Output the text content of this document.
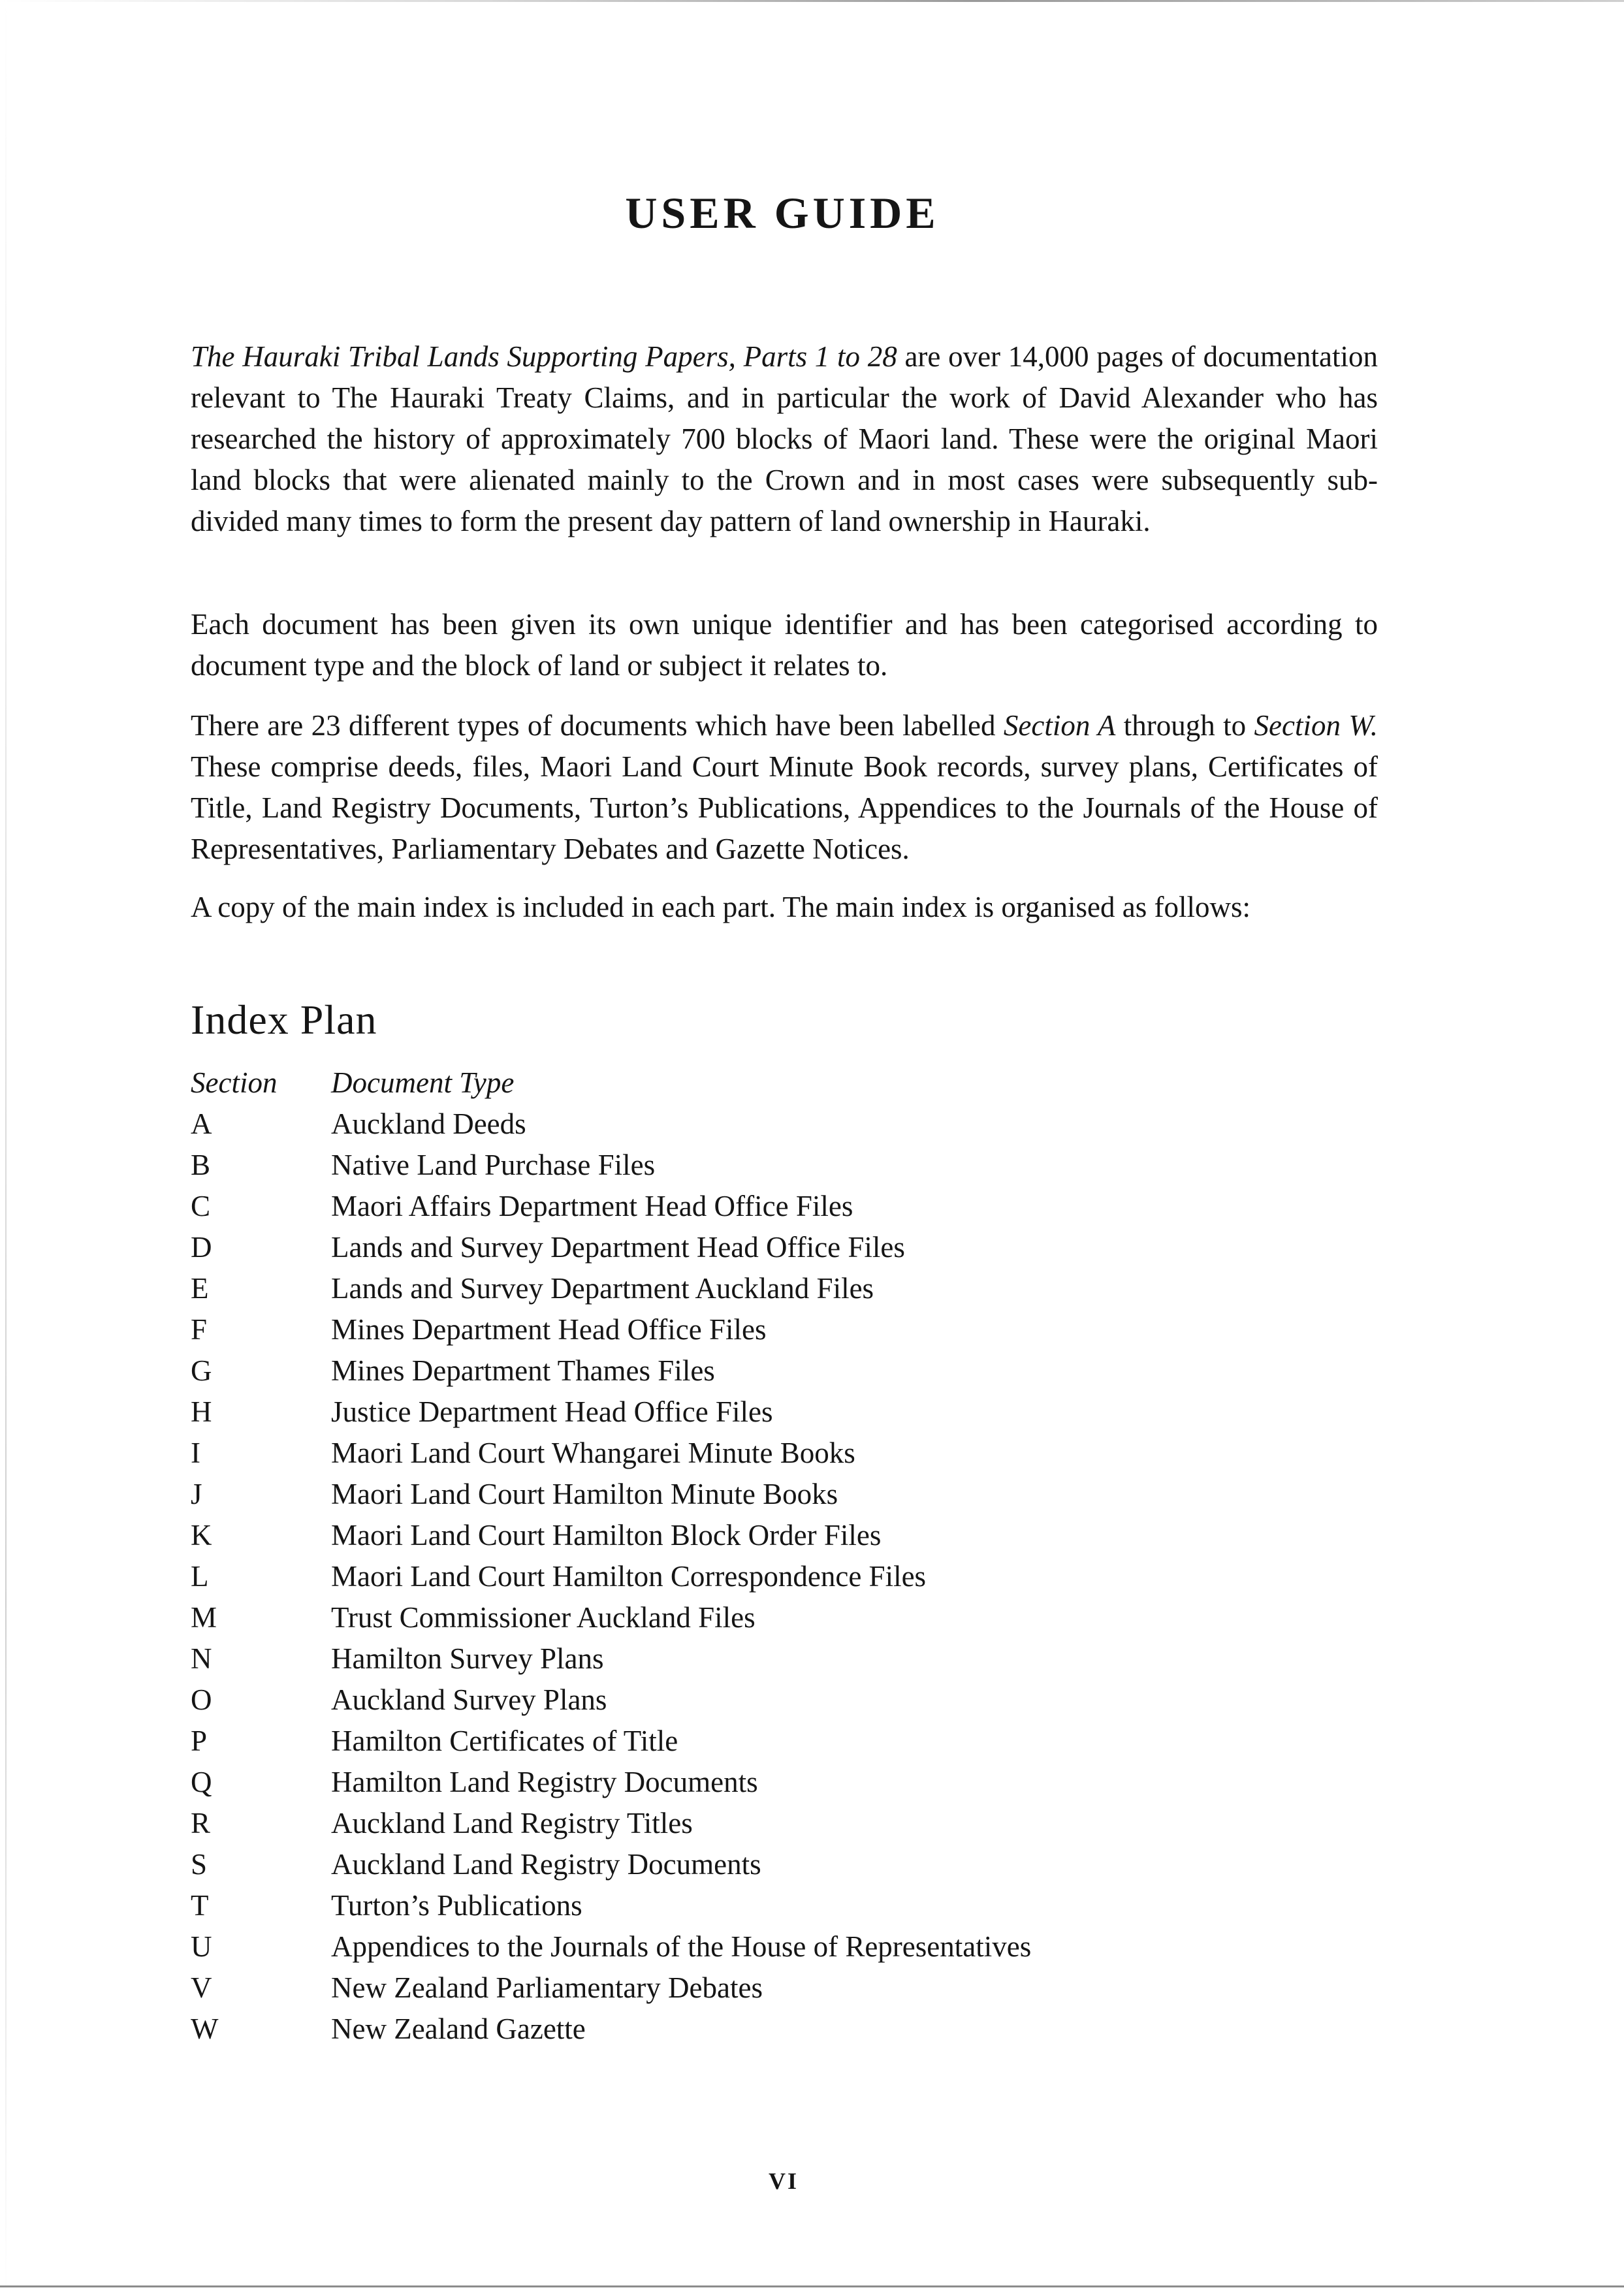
USER GUIDE

The Hauraki Tribal Lands Supporting Papers, Parts 1 to 28 are over 14,000 pages of documentation relevant to The Hauraki Treaty Claims, and in particular the work of David Alexander who has researched the history of approximately 700 blocks of Maori land. These were the original Maori land blocks that were alienated mainly to the Crown and in most cases were subsequently sub-divided many times to form the present day pattern of land ownership in Hauraki.

Each document has been given its own unique identifier and has been categorised according to document type and the block of land or subject it relates to.

There are 23 different types of documents which have been labelled Section A through to Section W. These comprise deeds, files, Maori Land Court Minute Book records, survey plans, Certificates of Title, Land Registry Documents, Turton’s Publications, Appendices to the Journals of the House of Representatives, Parliamentary Debates and Gazette Notices.

A copy of the main index is included in each part. The main index is organised as follows:

Index Plan
Section	Document Type
A	Auckland Deeds
B	Native Land Purchase Files
C	Maori Affairs Department Head Office Files
D	Lands and Survey Department Head Office Files
E	Lands and Survey Department Auckland Files
F	Mines Department Head Office Files
G	Mines Department Thames Files
H	Justice Department Head Office Files
I	Maori Land Court Whangarei Minute Books
J	Maori Land Court Hamilton Minute Books
K	Maori Land Court Hamilton Block Order Files
L	Maori Land Court Hamilton Correspondence Files
M	Trust Commissioner Auckland Files
N	Hamilton Survey Plans
O	Auckland Survey Plans
P	Hamilton Certificates of Title
Q	Hamilton Land Registry Documents
R	Auckland Land Registry Titles
S	Auckland Land Registry Documents
T	Turton’s Publications
U	Appendices to the Journals of the House of Representatives
V	New Zealand Parliamentary Debates
W	New Zealand Gazette
VI
